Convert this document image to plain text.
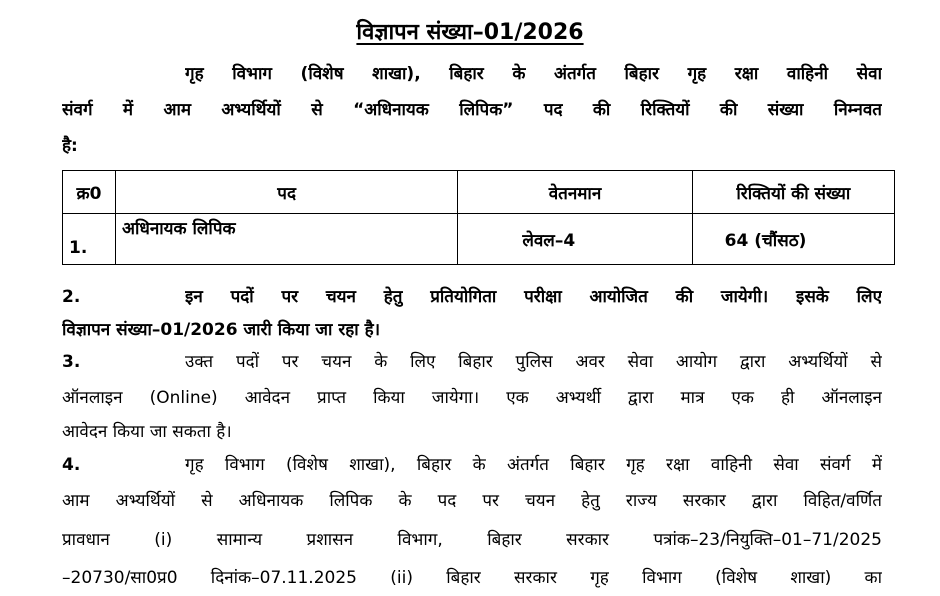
विज्ञापन संख्या–01/2026
गृह विभाग (विशेष शाखा), बिहार के अंतर्गत बिहार गृह रक्षा वाहिनी सेवा
संवर्ग में आम अभ्यर्थियों से “अधिनायक लिपिक” पद की रिक्तियों की संख्या निम्नवत
है:
क्र0	पद	वेतनमान	रिक्तियों की संख्या
1.	अधिनायक लिपिक	लेवल–4	64 (चौंसठ)
2.	इन पदों पर चयन हेतु प्रतियोगिता परीक्षा आयोजित की जायेगी। इसके लिए
विज्ञापन संख्या–01/2026 जारी किया जा रहा है।
3.	उक्त पदों पर चयन के लिए बिहार पुलिस अवर सेवा आयोग द्वारा अभ्यर्थियों से
ऑनलाइन (Online) आवेदन प्राप्त किया जायेगा। एक अभ्यर्थी द्वारा मात्र एक ही ऑनलाइन
आवेदन किया जा सकता है।
4.	गृह विभाग (विशेष शाखा), बिहार के अंतर्गत बिहार गृह रक्षा वाहिनी सेवा संवर्ग में
आम अभ्यर्थियों से अधिनायक लिपिक के पद पर चयन हेतु राज्य सरकार द्वारा विहित/वर्णित
प्रावधान (i) सामान्य प्रशासन विभाग, बिहार सरकार पत्रांक–23/नियुक्ति–01–71/2025
–20730/सा0प्र0 दिनांक–07.11.2025 (ii) बिहार सरकार गृह विभाग (विशेष शाखा) का
